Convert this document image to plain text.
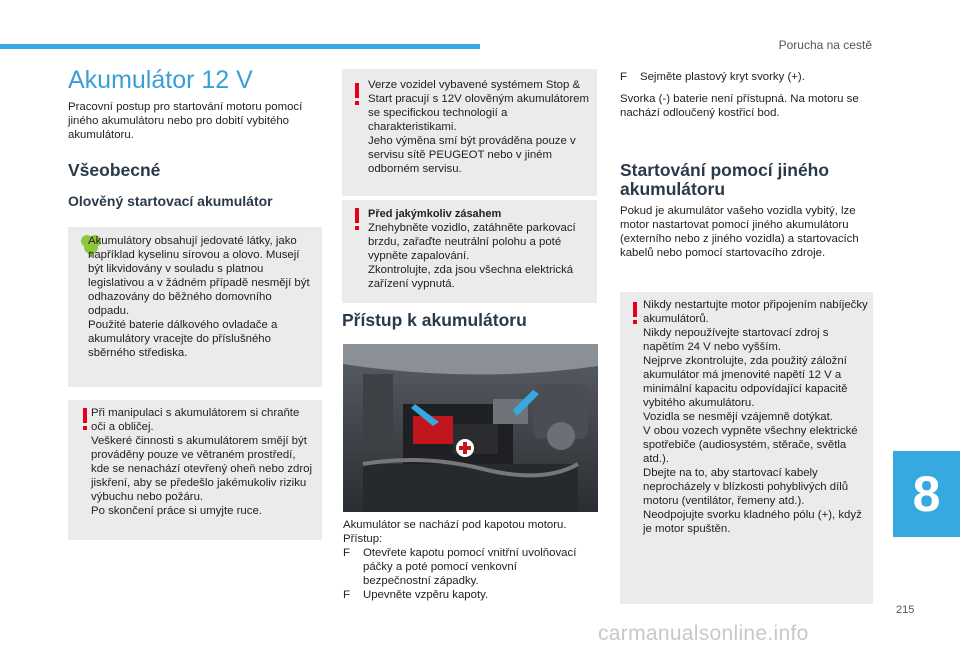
Porucha na cestě
Akumulátor 12 V

Pracovní postup pro startování motoru pomocí jiného akumulátoru nebo pro dobití vybitého akumulátoru.

Všeobecné
Olověný startovací akumulátor

Akumulátory obsahují jedovaté látky, jako například kyselinu sírovou a olovo. Musejí být likvidovány v souladu s platnou legislativou a v žádném případě nesmějí být odhazovány do běžného domovního odpadu.
Použité baterie dálkového ovladače a akumulátory vracejte do příslušného sběrného střediska.

Při manipulaci s akumulátorem si chraňte oči a obličej.
Veškeré činnosti s akumulátorem smějí být prováděny pouze ve větraném prostředí, kde se nenachází otevřený oheň nebo zdroj jiskření, aby se předešlo jakémukoliv riziku výbuchu nebo požáru.
Po skončení práce si umyjte ruce.

Verze vozidel vybavené systémem Stop & Start pracují s 12V olověným akumulátorem se specifickou technologií a charakteristikami.
Jeho výměna smí být prováděna pouze v servisu sítě PEUGEOT nebo v jiném odborném servisu.

Před jakýmkoliv zásahem

Znehybněte vozidlo, zatáhněte parkovací brzdu, zařaďte neutrální polohu a poté vypněte zapalování.
Zkontrolujte, zda jsou všechna elektrická zařízení vypnutá.

Přístup k akumulátoru

Akumulátor se nachází pod kapotou motoru.

Přístup:

F Otevřete kapotu pomocí vnitřní uvolňovací páčky a poté pomocí venkovní bezpečnostní západky.

F Upevněte vzpěru kapoty.

F Sejměte plastový kryt svorky (+).

Svorka (-) baterie není přístupná. Na motoru se nachází odloučený kostřicí bod.

Startování pomocí jiného akumulátoru

Pokud je akumulátor vašeho vozidla vybitý, lze motor nastartovat pomocí jiného akumulátoru (externího nebo z jiného vozidla) a startovacích kabelů nebo pomocí startovacího zdroje.

Nikdy nestartujte motor připojením nabíječky akumulátorů.
Nikdy nepoužívejte startovací zdroj s napětím 24 V nebo vyšším.
Nejprve zkontrolujte, zda použitý záložní akumulátor má jmenovité napětí 12 V a minimální kapacitu odpovídající kapacitě vybitého akumulátoru.
Vozidla se nesmějí vzájemně dotýkat.
V obou vozech vypněte všechny elektrické spotřebiče (audiosystém, stěrače, světla atd.).
Dbejte na to, aby startovací kabely neprocházely v blízkosti pohyblivých dílů motoru (ventilátor, řemeny atd.).
Neodpojujte svorku kladného pólu (+), když je motor spuštěn.

8
215
carmanualsonline.info
